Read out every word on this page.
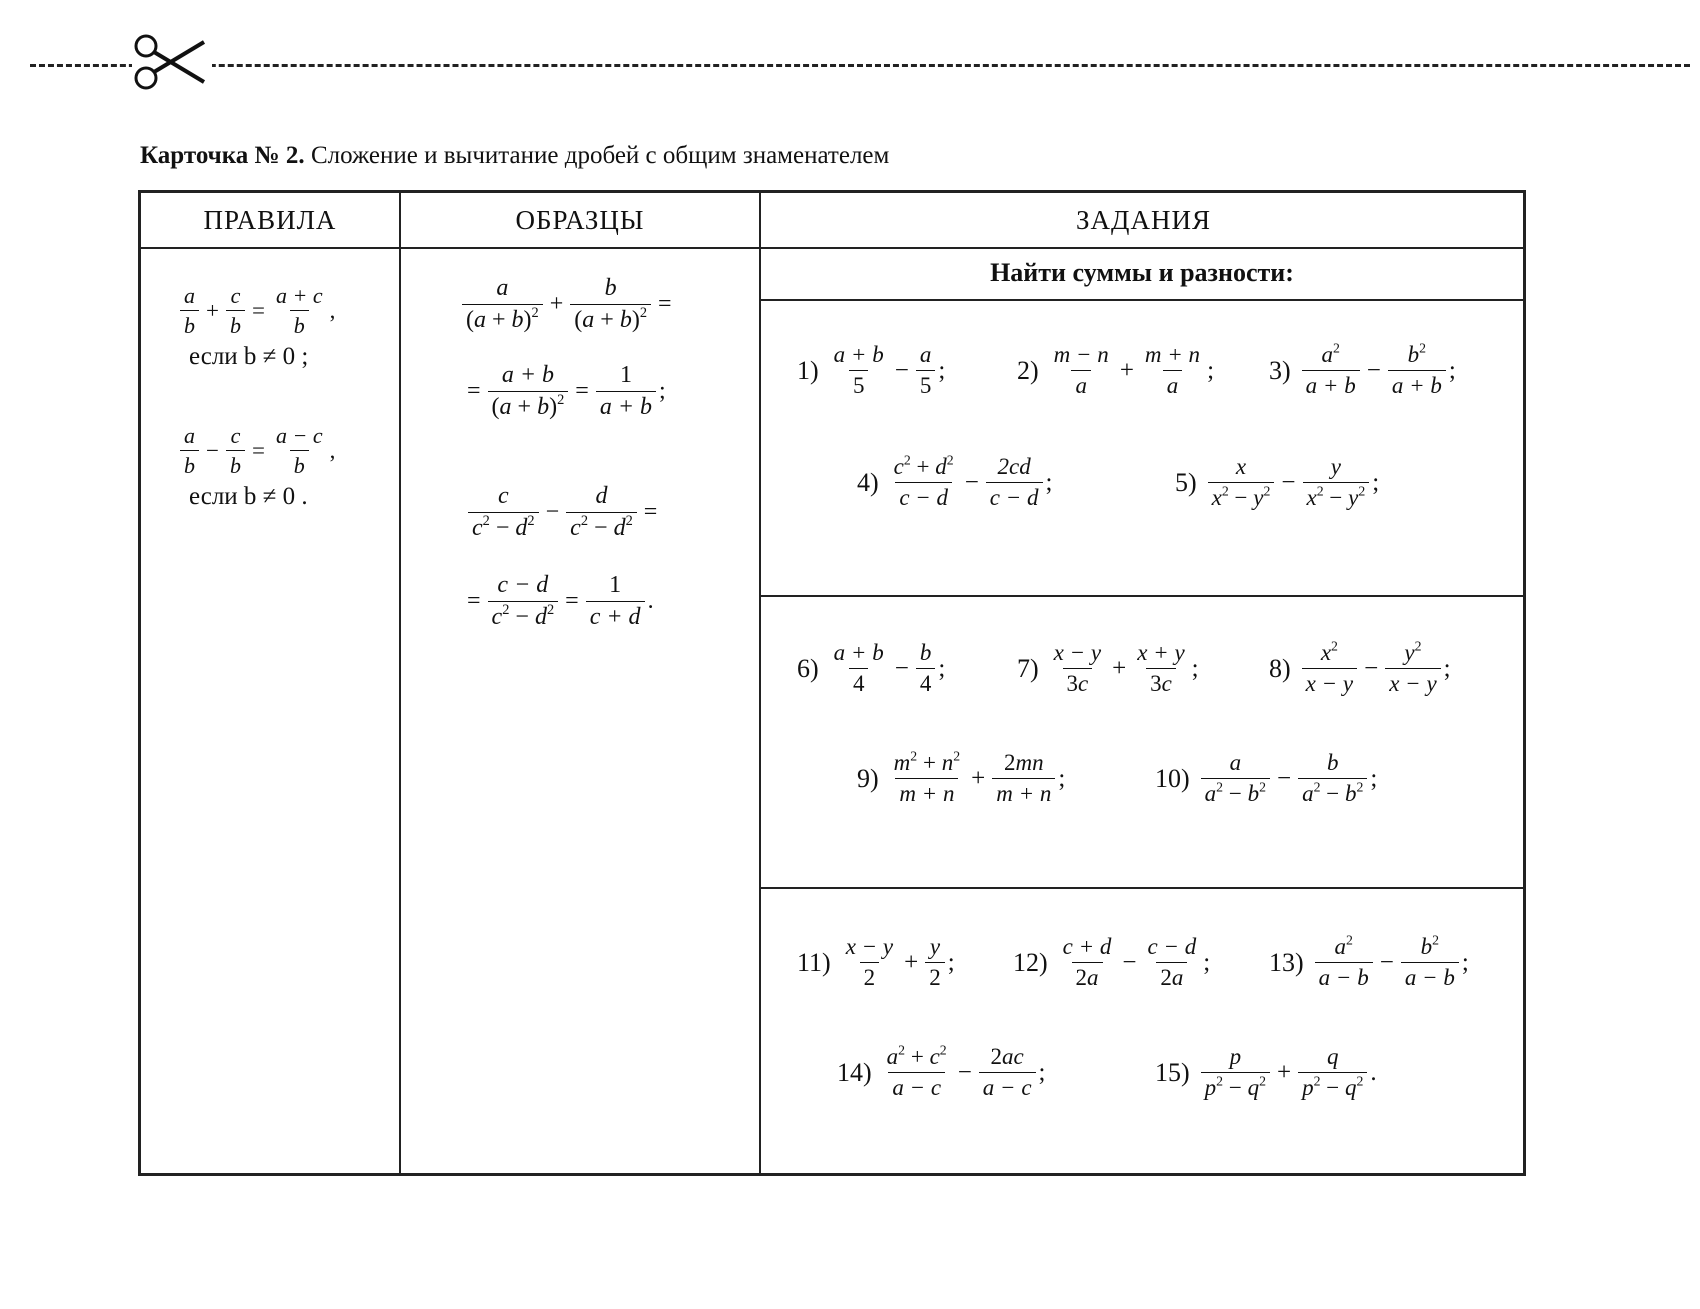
Карточка № 2. Сложение и вычитание дробей с общим знаменателем
ПРАВИЛА	ОБРАЗЦЫ	ЗАДАНИЯ
Найти суммы и разности:
$\frac{a}{b} + \frac{c}{b} = \frac{a + c}{b}$ ,
если b ≠ 0 ;
$\frac{a}{b} - \frac{c}{b} = \frac{a - c}{b}$ ,
если b ≠ 0 .
$\frac{a}{(a + b)^2} + \frac{b}{(a + b)^2}$ =
= $\frac{a + b}{(a + b)^2} = \frac{1}{a + b}$ ;
$\frac{c}{c^2 - d^2} - \frac{d}{c^2 - d^2}$ =
= $\frac{c - d}{c^2 - d^2} = \frac{1}{c + d}$ .
$1) \frac{a + b}{5} - \frac{a}{5}$ ;	$2) \frac{m - n}{a} + \frac{m + n}{a}$ ; $3) \frac{a^2}{a + b} - \frac{b^2}{a + b}$ ;
$4) \frac{c^2 + d^2}{c - d} - \frac{2cd}{c - d}$ ;	$5) \frac{x}{x^2 - y^2} - \frac{y}{x^2 - y^2}$ ;
$6) \frac{a + b}{4} - \frac{b}{4}$ ;	$7) \frac{x - y}{3c} + \frac{x + y}{3c}$ ;	$8) \frac{x^2}{x - y} - \frac{y^2}{x - y}$ ;
$9) \frac{m^2 + n^2}{m + n} + \frac{2mn}{m + n}$ ;	$10) \frac{a}{a^2 - b^2} - \frac{b}{a^2 - b^2}$ ;
$11) \frac{x - y}{2} + \frac{y}{2}$ ; $12) \frac{c + d}{2a} - \frac{c - d}{2a}$ ; $13) \frac{a^2}{a - b} - \frac{b^2}{a - b}$ ;
$14) \frac{a^2 + c^2}{a - c} - \frac{2ac}{a - c}$ ;	$15) \frac{p}{p^2 - q^2} + \frac{q}{p^2 - q^2}$ .
